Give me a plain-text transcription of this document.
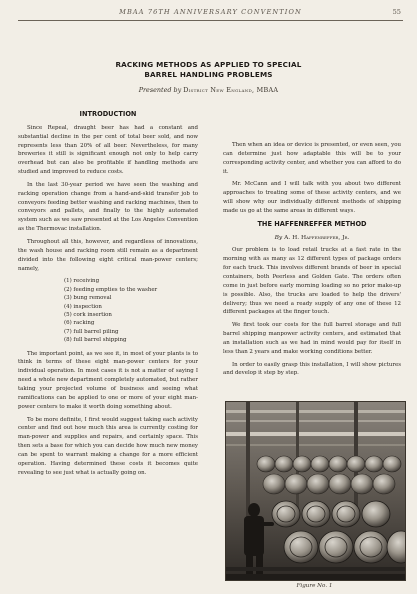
MBAA 76TH ANNIVERSARY CONVENTION	55
RACKING METHODS AS APPLIED TO SPECIAL
BARREL HANDLING PROBLEMS
Presented by District New England, MBAA
INTRODUCTION

Since Repeal, draught beer has had a constant and substantial decline in the per cent of total beer sold, and now represents less than 20% of all beer. Nevertheless, for many breweries it still is significant enough not only to help carry overhead but can also be profitable if handling methods are studied and improved to reduce costs.

In the last 30-year period we have seen the washing and racking operation change from a hand-and-skid transfer job to conveyors feeding better washing and racking machines, then to conveyors and pallets, and finally to the highly automated system such as we saw presented at the Los Angeles Convention as the Thermovac installation.

Throughout all this, however, and regardless of innovations, the wash house and racking room still remain as a department divided into the following eight critical man-power centers; namely,

(1) receiving
(2) feeding empties to the washer
(3) bung removal
(4) inspection
(5) cork insertion
(6) racking
(7) full barrel piling
(8) full barrel shipping

The important point, as we see it, in most of your plants is to think in terms of these eight man-power centers for your individual operation. In most cases it is not a matter of saying I need a whole new department completely automated, but rather taking your projected volume of business and seeing what ramifications can be applied to one or more of your eight man-power centers to make it worth doing something about.

To be more definite, I first would suggest taking each activity center and find out how much this area is currently costing for man-power and supplies and repairs, and certainly space. This then sets a base for which you can decide how much new money can be spent to warrant making a change for a more efficient operation. Having determined these costs it becomes quite revealing to see just what is actually going on.

Then when an idea or device is presented, or even seen, you can determine just how adaptable this will be to your corresponding activity center, and whether you can afford to do it.

Mr. McCann and I will talk with you about two different approaches to treating some of these activity centers, and we will show why our individually different methods of shipping made us go at the same areas in different ways.

THE HAFFENREFFER METHOD
By A. H. Haffenreffer, Jr.

Our problem is to load retail trucks at a fast rate in the morning with as many as 12 different types of package orders for each truck. This involves different brands of beer in special containers, both Peerless and Golden Gate. The orders often come in just before early morning loading so no prior make-up is possible. Also, the trucks are loaded to help the drivers' delivery; thus we need a ready supply of any one of these 12 different packages at the finger touch.

We first took our costs for the full barrel storage and full barrel shipping manpower activity centers, and estimated that an installation such as we had in mind would pay for itself in less than 2 years and make working conditions better.

In order to easily grasp this installation, I will show pictures and develop it step by step.

Figure No. 1
